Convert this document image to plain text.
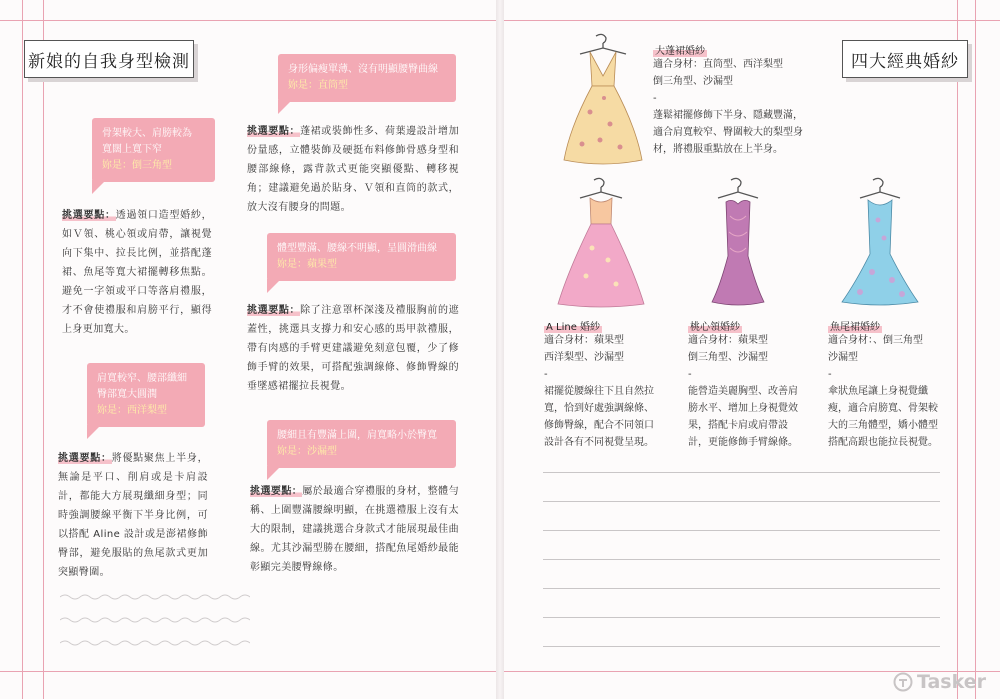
新娘的自我身型檢測
骨架較大、肩膀較為
寬闊上寬下窄
妳是：倒三角型
挑選要點：透過領口造型婚紗，如Ｖ領、桃心領或肩帶，讓視覺向下集中、拉長比例，並搭配蓬裙、魚尾等寬大裙擺轉移焦點。避免一字領或平口等落肩禮服，才不會使禮服和肩膀平行，顯得上身更加寬大。
肩寬較窄、腰部纖細
臀部寬大圓潤
妳是：西洋梨型
挑選要點：將優點聚焦上半身，無論是平口、削肩或是卡肩設計，都能大方展現纖細身型；同時強調腰線平衡下半身比例，可以搭配 Aline 設計或是澎裙修飾臀部，避免服貼的魚尾款式更加突顯臀圍。
身形偏瘦單薄、沒有明顯腰臀曲線
妳是：直筒型
挑選要點：蓬裙或裝飾性多、荷葉邊設計增加份量感，立體裝飾及硬挺布料修飾骨感身型和腰部線條，露背款式更能突顯優點、轉移視角；建議避免過於貼身、Ｖ領和直筒的款式，放大沒有腰身的問題。
體型豐滿、腰線不明顯，呈圓滑曲線
妳是：蘋果型
挑選要點：除了注意罩杯深淺及禮服胸前的遮蓋性，挑選具支撐力和安心感的馬甲款禮服，帶有肉感的手臂更建議避免刻意包覆，少了修飾手臂的效果，可搭配強調線條、修飾臀線的垂墜感裙擺拉長視覺。
腰細且有豐滿上圍，肩寬略小於臀寬
妳是：沙漏型
挑選要點：屬於最適合穿禮服的身材，整體勻稱、上圍豐滿腰線明顯，在挑選禮服上沒有太大的限制，建議挑選合身款式才能展現最佳曲線。尤其沙漏型勝在腰細，搭配魚尾婚紗最能彰顯完美腰臀線條。
四大經典婚紗
大蓬裙婚紗
適合身材：直筒型、西洋梨型
倒三角型、沙漏型
-
蓬鬆裙擺修飾下半身、隱藏豐滿，
適合肩寬較窄、臀圍較大的梨型身
材，將禮服重點放在上半身。
A Line 婚紗
適合身材：蘋果型
西洋梨型、沙漏型
-
裙擺從腰線往下且自然拉
寬，恰到好處強調線條、
修飾臀線，配合不同領口
設計各有不同視覺呈現。
桃心領婚紗
適合身材：蘋果型
倒三角型、沙漏型
-
能營造美麗胸型、改善肩
膀水平、增加上身視覺效
果，搭配卡肩或肩帶設
計，更能修飾手臂線條。
魚尾裙婚紗
適合身材：、倒三角型
沙漏型
-
傘狀魚尾讓上身視覺纖
瘦，適合肩膀寬、骨架較
大的三角體型，嬌小體型
搭配高跟也能拉長視覺。
Tasker
